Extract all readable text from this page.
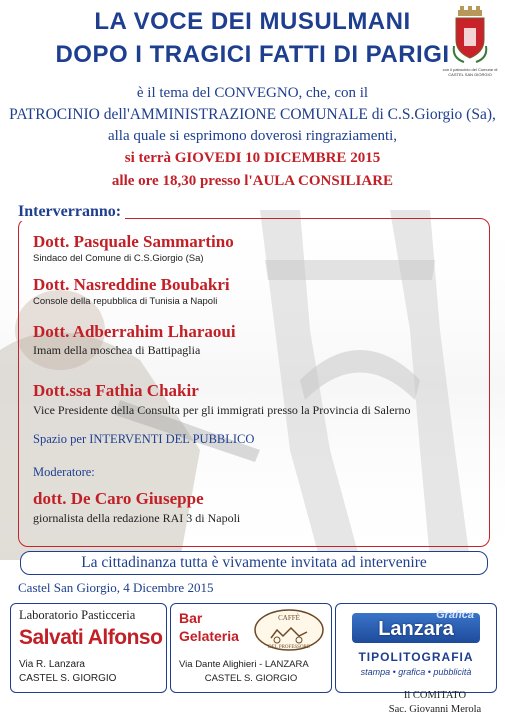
LA VOCE DEI MUSULMANI
DOPO I TRAGICI FATTI DI PARIGI
con il patrocinio del Comune di CASTEL SAN GIORGIO
è il tema del CONVEGNO, che, con il
PATROCINIO dell'AMMINISTRAZIONE COMUNALE di C.S.Giorgio (Sa),
alla quale si esprimono doverosi ringraziamenti,
si terrà GIOVEDI 10 DICEMBRE 2015
alle ore 18,30 presso l'AULA CONSILIARE
Interverranno:
Dott. Pasquale Sammartino
Sindaco del Comune di C.S.Giorgio (Sa)
Dott. Nasreddine Boubakri
Console della repubblica di Tunisia a Napoli
Dott. Adberrahim Lharaoui
Imam della moschea di Battipaglia
Dott.ssa Fathia Chakir
Vice Presidente della Consulta per gli immigrati presso la Provincia di Salerno
Spazio per INTERVENTI DEL PUBBLICO
Moderatore:
dott. De Caro Giuseppe
giornalista della redazione RAI 3 di Napoli
La cittadinanza tutta è vivamente invitata ad intervenire
Castel San Giorgio, 4 Dicembre 2015
Laboratorio Pasticceria
Salvati Alfonso
Via R. Lanzara
CASTEL S. GIORGIO
Bar
Gelateria
CAFFÈ
DEL PROFESSORE
Via Dante Alighieri - LANZARA
CASTEL S. GIORGIO
Grafica
Lanzara
TIPOLITOGRAFIA
stampa • grafica • pubblicità
Il COMITATO
Sac. Giovanni Merola
